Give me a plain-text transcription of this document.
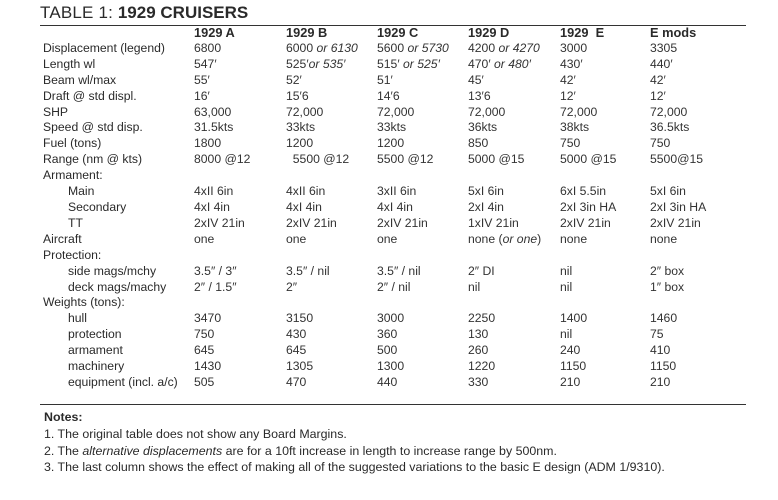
TABLE 1: 1929 CRUISERS
	1929 A	1929 B	1929 C	1929 D	1929  E	E mods
Displacement (legend)	6800	6000 or 6130	5600 or 5730	4200 or 4270	3000	3305
Length wl	547′	525′or 535′	515′ or 525′	470′ or 480′	430′	440′
Beam wl/max	55′	52′	51′	45′	42′	42′
Draft @ std displ.	16′	15′6	14′6	13′6	12′	12′
SHP	63,000	72,000	72,000	72,000	72,000	72,000
Speed @ std disp.	31.5kts	33kts	33kts	36kts	38kts	36.5kts
Fuel (tons)	1800	1200	1200	850	750	750
Range (nm @ kts)	8000 @12	5500 @12	5500 @12	5000 @15	5000 @15	5500@15
Armament:						
Main	4xII 6in	4xII 6in	3xII 6in	5xI 6in	6xI 5.5in	5xI 6in
Secondary	4xI 4in	4xI 4in	4xI 4in	2xI 4in	2xI 3in HA	2xI 3in HA
TT	2xIV 21in	2xIV 21in	2xIV 21in	1xIV 21in	2xIV 21in	2xIV 21in
Aircraft	one	one	one	none (or one)	none	none
Protection:						
side mags/mchy	3.5″ / 3″	3.5″ / nil	3.5″ / nil	2″ DI	nil	2″ box
deck mags/machy	2″ / 1.5″	2″	2″ / nil	nil	nil	1″ box
Weights (tons):						
hull	3470	3150	3000	2250	1400	1460
protection	750	430	360	130	nil	75
armament	645	645	500	260	240	410
machinery	1430	1305	1300	1220	1150	1150
equipment (incl. a/c)	505	470	440	330	210	210
Notes:
1. The original table does not show any Board Margins.
2. The alternative displacements are for a 10ft increase in length to increase range by 500nm.
3. The last column shows the effect of making all of the suggested variations to the basic E design (ADM 1/9310).
